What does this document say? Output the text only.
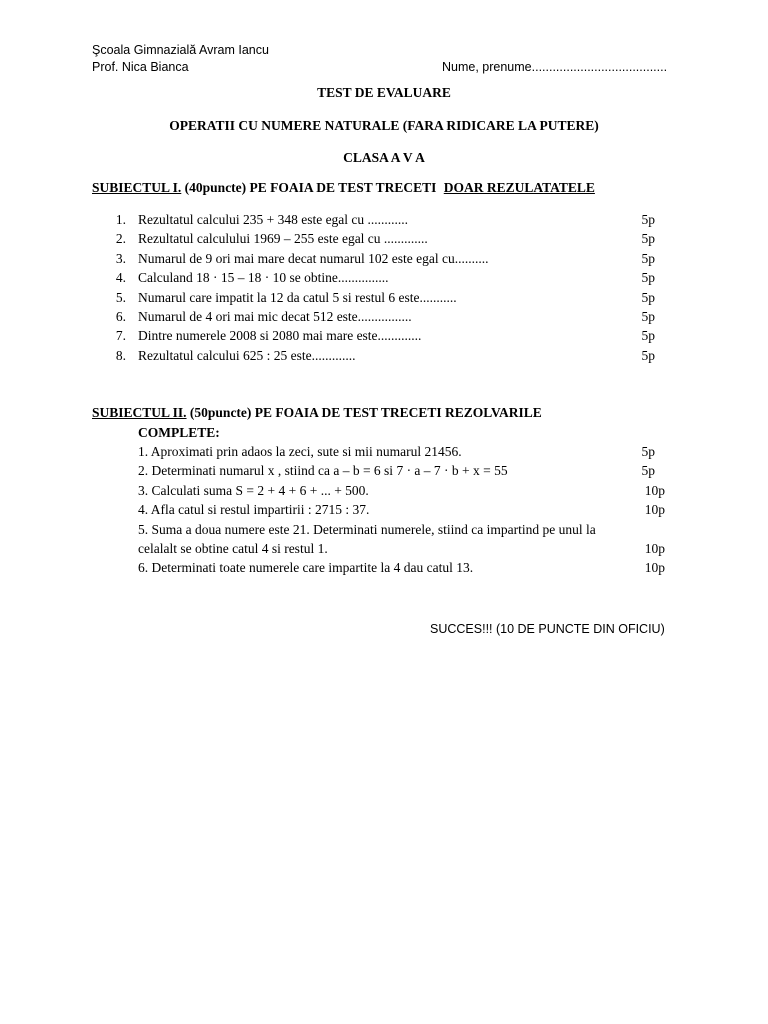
Şcoala Gimnazială Avram Iancu
Prof. Nica Bianca	Nume, prenume.......................................
TEST DE EVALUARE
OPERATII CU NUMERE NATURALE (FARA RIDICARE LA PUTERE)
CLASA A V A
SUBIECTUL I. (40puncte) PE FOAIA DE TEST TRECETI DOAR REZULATATELE
1. Rezultatul calcului 235 + 348 este egal cu ............	5p
2. Rezultatul calculului 1969 – 255 este egal cu .............	5p
3. Numarul de 9 ori mai mare decat numarul 102 este egal cu..........	5p
4. Calculand 18 · 15 – 18 · 10 se obtine...............	5p
5. Numarul care impatit la 12 da catul 5 si restul 6 este...........	5p
6. Numarul de 4 ori mai mic decat 512 este................	5p
7. Dintre numerele 2008 si 2080 mai mare este.............	5p
8. Rezultatul calcului 625 : 25 este.............	5p
SUBIECTUL II. (50puncte) PE FOAIA DE TEST TRECETI REZOLVARILE
COMPLETE:
1. Aproximati prin adaos la zeci, sute si mii numarul 21456.	5p
2. Determinati numarul x , stiind ca a – b = 6 si 7 · a – 7 · b + x = 55	5p
3. Calculati suma S = 2 + 4 + 6 + ... + 500.	10p
4. Afla catul si restul impartirii : 2715 : 37.	10p
5. Suma a doua numere este 21. Determinati numerele, stiind ca impartind pe unul la
celalalt se obtine catul 4 si restul 1.	10p
6. Determinati toate numerele care impartite la 4 dau catul 13.	10p
SUCCES!!! (10 DE PUNCTE DIN OFICIU)
